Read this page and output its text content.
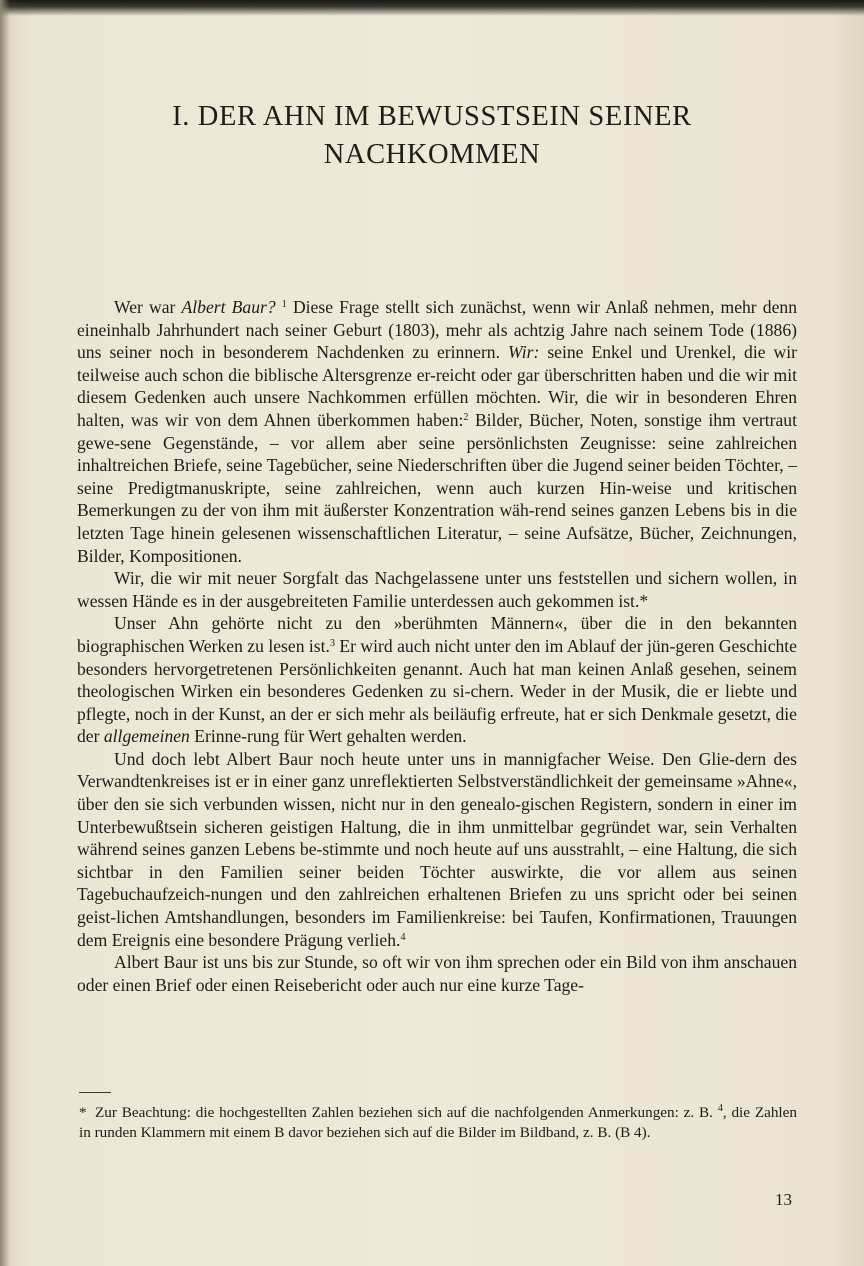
I. DER AHN IM BEWUSSTSEIN SEINER
NACHKOMMEN

Wer war Albert Baur? $^1$ Diese Frage stellt sich zunächst, wenn wir Anlaß nehmen, mehr denn eineinhalb Jahrhundert nach seiner Geburt (1803), mehr als achtzig Jahre nach seinem Tode (1886) uns seiner noch in besonderem Nachdenken zu erinnern. Wir: seine Enkel und Urenkel, die wir teilweise auch schon die biblische Altersgrenze er-reicht oder gar überschritten haben und die wir mit diesem Gedenken auch unsere Nachkommen erfüllen möchten. Wir, die wir in besonderen Ehren halten, was wir von dem Ahnen überkommen haben:$^2$ Bilder, Bücher, Noten, sonstige ihm vertraut gewe-sene Gegenstände, – vor allem aber seine persönlichsten Zeugnisse: seine zahlreichen inhaltreichen Briefe, seine Tagebücher, seine Niederschriften über die Jugend seiner beiden Töchter, – seine Predigtmanuskripte, seine zahlreichen, wenn auch kurzen Hin-weise und kritischen Bemerkungen zu der von ihm mit äußerster Konzentration wäh-rend seines ganzen Lebens bis in die letzten Tage hinein gelesenen wissenschaftlichen Literatur, – seine Aufsätze, Bücher, Zeichnungen, Bilder, Kompositionen.

Wir, die wir mit neuer Sorgfalt das Nachgelassene unter uns feststellen und sichern wollen, in wessen Hände es in der ausgebreiteten Familie unterdessen auch gekommen ist.*

Unser Ahn gehörte nicht zu den »berühmten Männern«, über die in den bekannten biographischen Werken zu lesen ist.$^3$ Er wird auch nicht unter den im Ablauf der jün-geren Geschichte besonders hervorgetretenen Persönlichkeiten genannt. Auch hat man keinen Anlaß gesehen, seinem theologischen Wirken ein besonderes Gedenken zu si-chern. Weder in der Musik, die er liebte und pflegte, noch in der Kunst, an der er sich mehr als beiläufig erfreute, hat er sich Denkmale gesetzt, die der allgemeinen Erinne-rung für Wert gehalten werden.

Und doch lebt Albert Baur noch heute unter uns in mannigfacher Weise. Den Glie-dern des Verwandtenkreises ist er in einer ganz unreflektierten Selbstverständlichkeit der gemeinsame »Ahne«, über den sie sich verbunden wissen, nicht nur in den genealo-gischen Registern, sondern in einer im Unterbewußtsein sicheren geistigen Haltung, die in ihm unmittelbar gegründet war, sein Verhalten während seines ganzen Lebens be-stimmte und noch heute auf uns ausstrahlt, – eine Haltung, die sich sichtbar in den Familien seiner beiden Töchter auswirkte, die vor allem aus seinen Tagebuchaufzeich-nungen und den zahlreichen erhaltenen Briefen zu uns spricht oder bei seinen geist-lichen Amtshandlungen, besonders im Familienkreise: bei Taufen, Konfirmationen, Trauungen dem Ereignis eine besondere Prägung verlieh.$^4$

Albert Baur ist uns bis zur Stunde, so oft wir von ihm sprechen oder ein Bild von ihm anschauen oder einen Brief oder einen Reisebericht oder auch nur eine kurze Tage-

* Zur Beachtung: die hochgestellten Zahlen beziehen sich auf die nachfolgenden Anmerkungen: z. B. $^4$, die Zahlen in runden Klammern mit einem B davor beziehen sich auf die Bilder im Bildband, z. B. (B 4).
13
